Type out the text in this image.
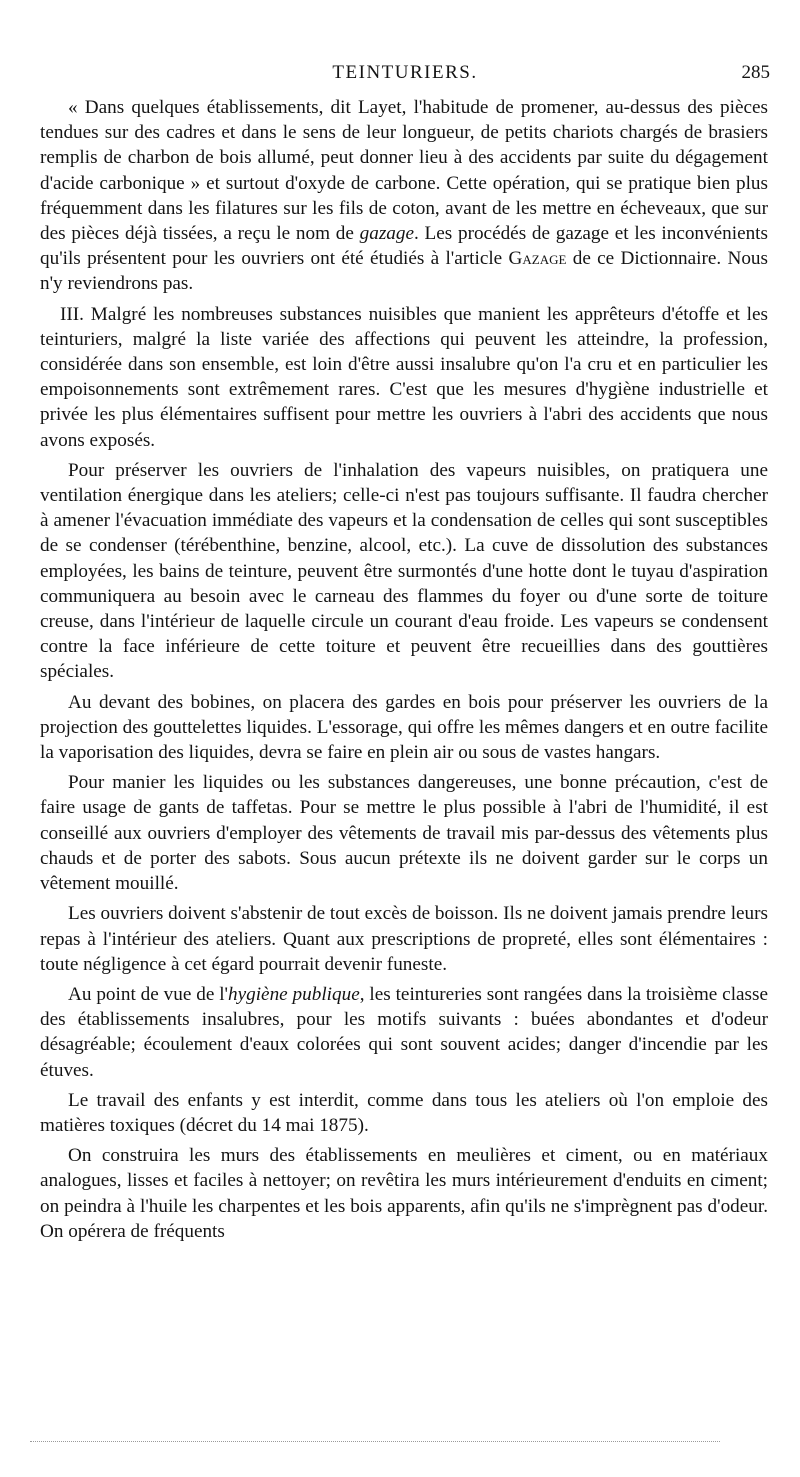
TEINTURIERS.	285

« Dans quelques établissements, dit Layet, l'habitude de promener, au-dessus des pièces tendues sur des cadres et dans le sens de leur longueur, de petits chariots chargés de brasiers remplis de charbon de bois allumé, peut donner lieu à des accidents par suite du dégagement d'acide carbonique » et surtout d'oxyde de carbone. Cette opération, qui se pratique bien plus fréquemment dans les filatures sur les fils de coton, avant de les mettre en écheveaux, que sur des pièces déjà tissées, a reçu le nom de gazage. Les procédés de gazage et les inconvénients qu'ils présentent pour les ouvriers ont été étudiés à l'article Gazage de ce Dictionnaire. Nous n'y reviendrons pas.

III. Malgré les nombreuses substances nuisibles que manient les apprêteurs d'étoffe et les teinturiers, malgré la liste variée des affections qui peuvent les atteindre, la profession, considérée dans son ensemble, est loin d'être aussi insalubre qu'on l'a cru et en particulier les empoisonnements sont extrêmement rares. C'est que les mesures d'hygiène industrielle et privée les plus élémentaires suffisent pour mettre les ouvriers à l'abri des accidents que nous avons exposés.

Pour préserver les ouvriers de l'inhalation des vapeurs nuisibles, on pratiquera une ventilation énergique dans les ateliers; celle-ci n'est pas toujours suffisante. Il faudra chercher à amener l'évacuation immédiate des vapeurs et la condensation de celles qui sont susceptibles de se condenser (térébenthine, benzine, alcool, etc.). La cuve de dissolution des substances employées, les bains de teinture, peuvent être surmontés d'une hotte dont le tuyau d'aspiration communiquera au besoin avec le carneau des flammes du foyer ou d'une sorte de toiture creuse, dans l'intérieur de laquelle circule un courant d'eau froide. Les vapeurs se condensent contre la face inférieure de cette toiture et peuvent être recueillies dans des gouttières spéciales.

Au devant des bobines, on placera des gardes en bois pour préserver les ouvriers de la projection des gouttelettes liquides. L'essorage, qui offre les mêmes dangers et en outre facilite la vaporisation des liquides, devra se faire en plein air ou sous de vastes hangars.

Pour manier les liquides ou les substances dangereuses, une bonne précaution, c'est de faire usage de gants de taffetas. Pour se mettre le plus possible à l'abri de l'humidité, il est conseillé aux ouvriers d'employer des vêtements de travail mis par-dessus des vêtements plus chauds et de porter des sabots. Sous aucun prétexte ils ne doivent garder sur le corps un vêtement mouillé.

Les ouvriers doivent s'abstenir de tout excès de boisson. Ils ne doivent jamais prendre leurs repas à l'intérieur des ateliers. Quant aux prescriptions de propreté, elles sont élémentaires : toute négligence à cet égard pourrait devenir funeste.

Au point de vue de l'hygiène publique, les teintureries sont rangées dans la troisième classe des établissements insalubres, pour les motifs suivants : buées abondantes et d'odeur désagréable; écoulement d'eaux colorées qui sont souvent acides; danger d'incendie par les étuves.

Le travail des enfants y est interdit, comme dans tous les ateliers où l'on emploie des matières toxiques (décret du 14 mai 1875).

On construira les murs des établissements en meulières et ciment, ou en matériaux analogues, lisses et faciles à nettoyer; on revêtira les murs intérieurement d'enduits en ciment; on peindra à l'huile les charpentes et les bois apparents, afin qu'ils ne s'imprègnent pas d'odeur. On opérera de fréquents
